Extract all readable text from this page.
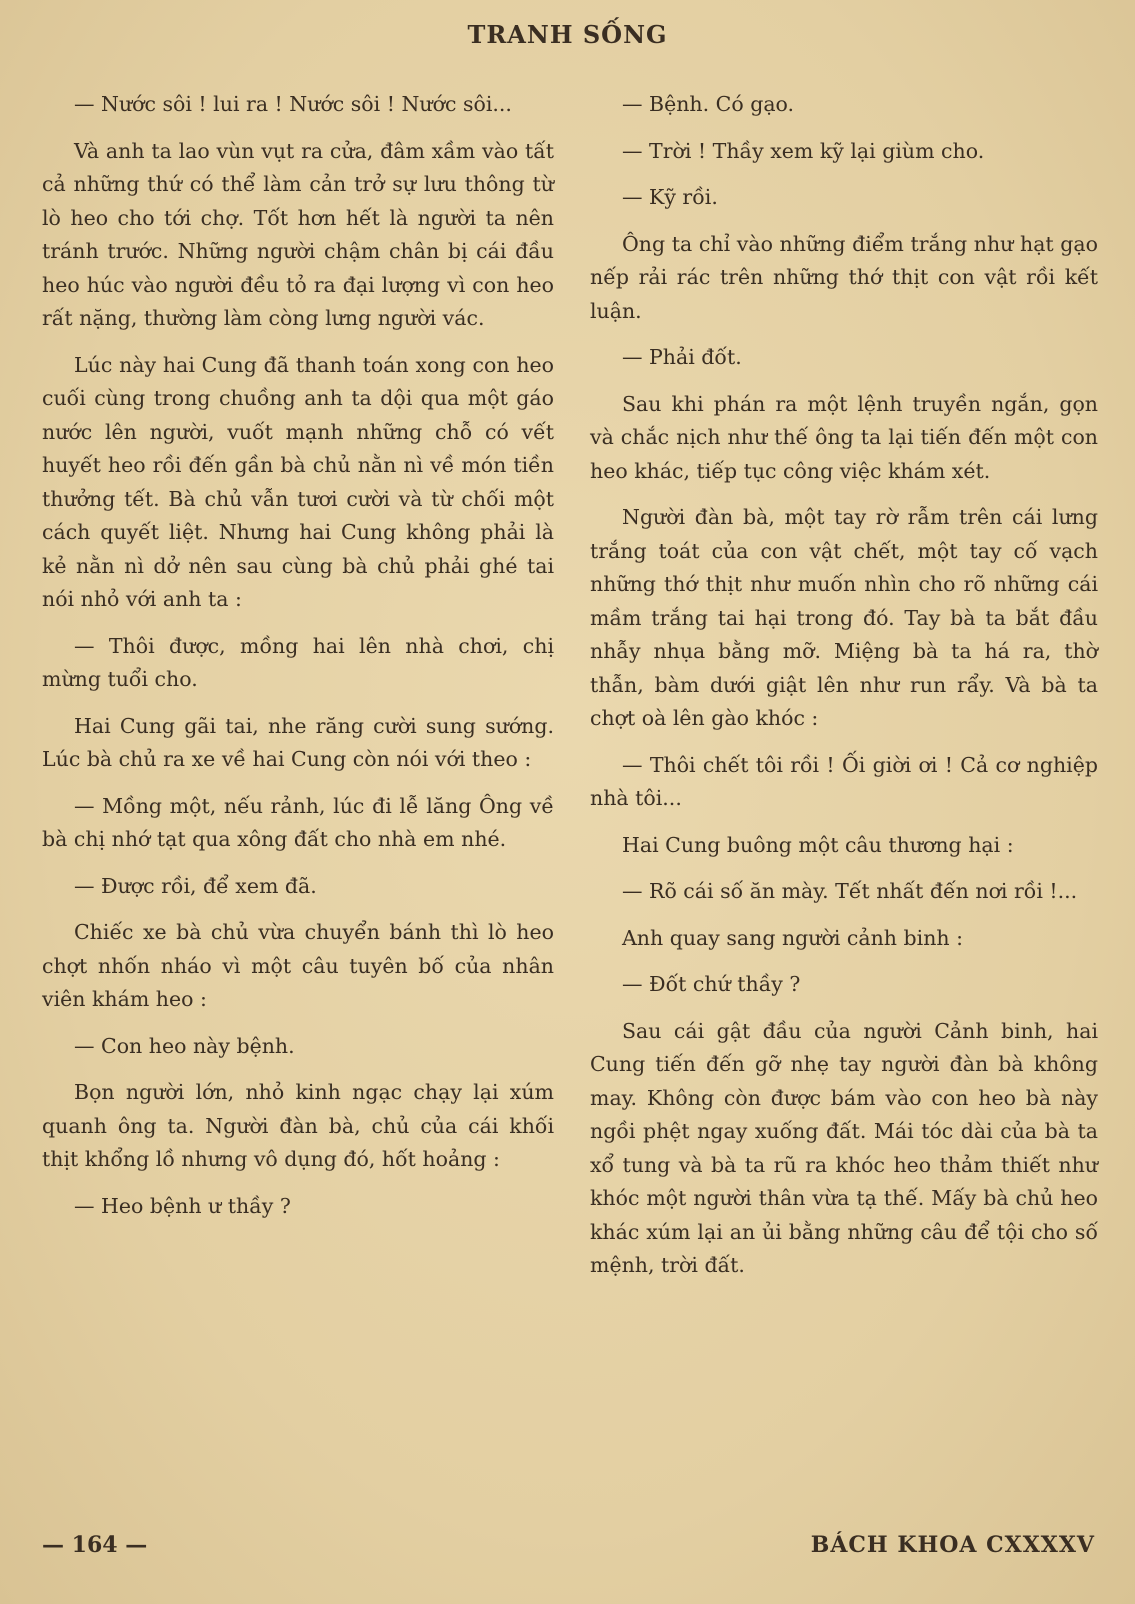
TRANH SỐNG

— Nước sôi ! lui ra ! Nước sôi ! Nước sôi...

Và anh ta lao vùn vụt ra cửa, đâm xầm vào tất cả những thứ có thể làm cản trở sự lưu thông từ lò heo cho tới chợ. Tốt hơn hết là người ta nên tránh trước. Những người chậm chân bị cái đầu heo húc vào người đều tỏ ra đại lượng vì con heo rất nặng, thường làm còng lưng người vác.

Lúc này hai Cung đã thanh toán xong con heo cuối cùng trong chuồng anh ta dội qua một gáo nước lên người, vuốt mạnh những chỗ có vết huyết heo rồi đến gần bà chủ nằn nì về món tiền thưởng tết. Bà chủ vẫn tươi cười và từ chối một cách quyết liệt. Nhưng hai Cung không phải là kẻ nằn nì dở nên sau cùng bà chủ phải ghé tai nói nhỏ với anh ta :

— Thôi được, mồng hai lên nhà chơi, chị mừng tuổi cho.

Hai Cung gãi tai, nhe răng cười sung sướng. Lúc bà chủ ra xe về hai Cung còn nói với theo :

— Mồng một, nếu rảnh, lúc đi lễ lăng Ông về bà chị nhớ tạt qua xông đất cho nhà em nhé.

— Được rồi, để xem đã.

Chiếc xe bà chủ vừa chuyển bánh thì lò heo chợt nhốn nháo vì một câu tuyên bố của nhân viên khám heo :

— Con heo này bệnh.

Bọn người lớn, nhỏ kinh ngạc chạy lại xúm quanh ông ta. Người đàn bà, chủ của cái khối thịt khổng lồ nhưng vô dụng đó, hốt hoảng :

— Heo bệnh ư thầy ?

— Bệnh. Có gạo.

— Trời ! Thầy xem kỹ lại giùm cho.

— Kỹ rồi.

Ông ta chỉ vào những điểm trắng như hạt gạo nếp rải rác trên những thớ thịt con vật rồi kết luận.

— Phải đốt.

Sau khi phán ra một lệnh truyền ngắn, gọn và chắc nịch như thế ông ta lại tiến đến một con heo khác, tiếp tục công việc khám xét.

Người đàn bà, một tay rờ rẫm trên cái lưng trắng toát của con vật chết, một tay cố vạch những thớ thịt như muốn nhìn cho rõ những cái mầm trắng tai hại trong đó. Tay bà ta bắt đầu nhẫy nhụa bằng mỡ. Miệng bà ta há ra, thờ thẫn, bàm dưới giật lên như run rẩy. Và bà ta chợt oà lên gào khóc :

— Thôi chết tôi rồi ! Ối giời ơi ! Cả cơ nghiệp nhà tôi...

Hai Cung buông một câu thương hại :

— Rõ cái số ăn mày. Tết nhất đến nơi rồi !...

Anh quay sang người cảnh binh :

— Đốt chứ thầy ?

Sau cái gật đầu của người Cảnh binh, hai Cung tiến đến gỡ nhẹ tay người đàn bà không may. Không còn được bám vào con heo bà này ngồi phệt ngay xuống đất. Mái tóc dài của bà ta xổ tung và bà ta rũ ra khóc heo thảm thiết như khóc một người thân vừa tạ thế. Mấy bà chủ heo khác xúm lại an ủi bằng những câu để tội cho số mệnh, trời đất.

— 164 —	BÁCH KHOA CXXXXV
